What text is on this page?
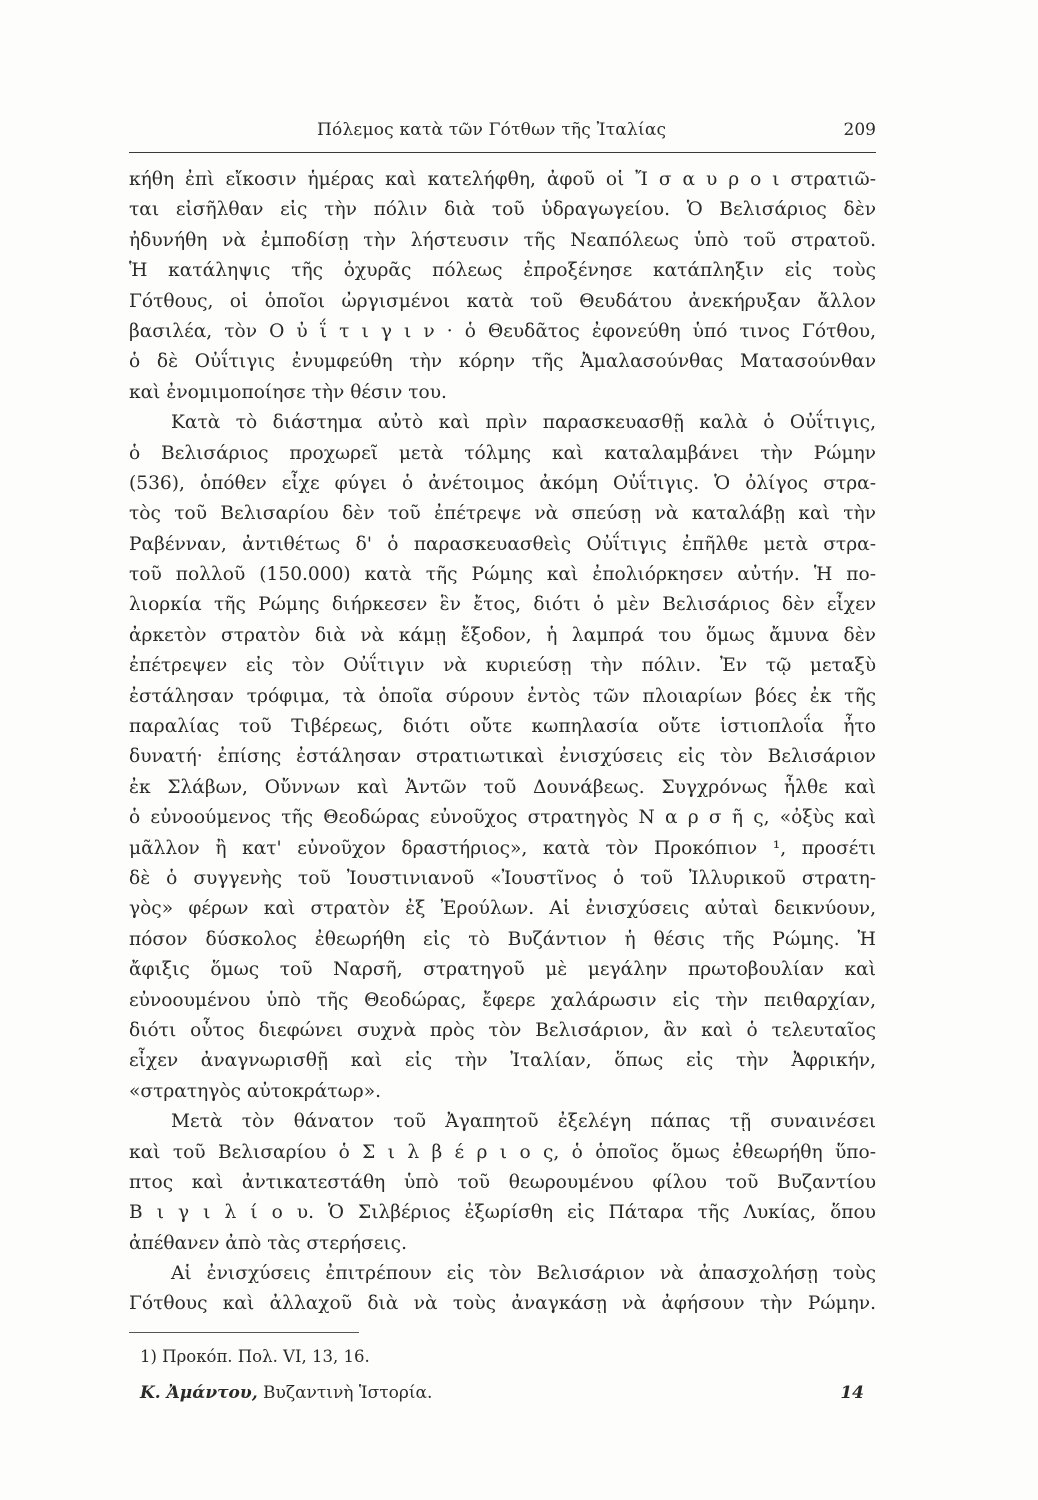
Πόλεμος κατὰ τῶν Γότθων τῆς Ἰταλίας	209
κήθη ἐπὶ εἴκοσιν ἡμέρας καὶ κατελήφθη, ἀφοῦ οἱ Ἴ σ α υ ρ ο ι στρατιῶ-
ται εἰσῆλθαν εἰς τὴν πόλιν διὰ τοῦ ὑδραγωγείου. Ὁ Βελισάριος δὲν
ἠδυνήθη νὰ ἐμποδίσῃ τὴν λήστευσιν τῆς Νεαπόλεως ὑπὸ τοῦ στρατοῦ.
Ἡ κατάληψις τῆς ὀχυρᾶς πόλεως ἐπροξένησε κατάπληξιν εἰς τοὺς
Γότθους, οἱ ὁποῖοι ὠργισμένοι κατὰ τοῦ Θευδάτου ἀνεκήρυξαν ἄλλον
βασιλέα, τὸν Ο ὐ ΐ τ ι γ ι ν · ὁ Θευδᾶτος ἐφονεύθη ὑπό τινος Γότθου,
ὁ δὲ Οὐΐτιγις ἐνυμφεύθη τὴν κόρην τῆς Ἀμαλασούνθας Ματασούνθαν
καὶ ἐνομιμοποίησε τὴν θέσιν του.
Κατὰ τὸ διάστημα αὐτὸ καὶ πρὶν παρασκευασθῇ καλὰ ὁ Οὐΐτιγις,
ὁ Βελισάριος προχωρεῖ μετὰ τόλμης καὶ καταλαμβάνει τὴν Ρώμην
(536), ὁπόθεν εἶχε φύγει ὁ ἀνέτοιμος ἀκόμη Οὐΐτιγις. Ὁ ὀλίγος στρα-
τὸς τοῦ Βελισαρίου δὲν τοῦ ἐπέτρεψε νὰ σπεύσῃ νὰ καταλάβῃ καὶ τὴν
Ραβένναν, ἀντιθέτως δ' ὁ παρασκευασθεὶς Οὐΐτιγις ἐπῆλθε μετὰ στρα-
τοῦ πολλοῦ (150.000) κατὰ τῆς Ρώμης καὶ ἐπολιόρκησεν αὐτήν. Ἡ πο-
λιορκία τῆς Ρώμης διήρκεσεν ἓν ἔτος, διότι ὁ μὲν Βελισάριος δὲν εἶχεν
ἀρκετὸν στρατὸν διὰ νὰ κάμῃ ἔξοδον, ἡ λαμπρά του ὅμως ἄμυνα δὲν
ἐπέτρεψεν εἰς τὸν Οὐΐτιγιν νὰ κυριεύσῃ τὴν πόλιν. Ἐν τῷ μεταξὺ
ἐστάλησαν τρόφιμα, τὰ ὁποῖα σύρουν ἐντὸς τῶν πλοιαρίων βόες ἐκ τῆς
παραλίας τοῦ Τιβέρεως, διότι οὔτε κωπηλασία οὔτε ἱστιοπλοΐα ἦτο
δυνατή· ἐπίσης ἐστάλησαν στρατιωτικαὶ ἐνισχύσεις εἰς τὸν Βελισάριον
ἐκ Σλάβων, Οὔννων καὶ Ἀντῶν τοῦ Δουνάβεως. Συγχρόνως ἦλθε καὶ
ὁ εὐνοούμενος τῆς Θεοδώρας εὐνοῦχος στρατηγὸς Ν α ρ σ ῆ ς, «ὀξὺς καὶ
μᾶλλον ἢ κατ' εὐνοῦχον δραστήριος», κατὰ τὸν Προκόπιον ¹, προσέτι
δὲ ὁ συγγενὴς τοῦ Ἰουστινιανοῦ «Ἰουστῖνος ὁ τοῦ Ἰλλυρικοῦ στρατη-
γὸς» φέρων καὶ στρατὸν ἐξ Ἐρούλων. Αἱ ἐνισχύσεις αὐταὶ δεικνύουν,
πόσον δύσκολος ἐθεωρήθη εἰς τὸ Βυζάντιον ἡ θέσις τῆς Ρώμης. Ἡ
ἄφιξις ὅμως τοῦ Ναρσῆ, στρατηγοῦ μὲ μεγάλην πρωτοβουλίαν καὶ
εὐνοουμένου ὑπὸ τῆς Θεοδώρας, ἔφερε χαλάρωσιν εἰς τὴν πειθαρχίαν,
διότι οὗτος διεφώνει συχνὰ πρὸς τὸν Βελισάριον, ἂν καὶ ὁ τελευταῖος
εἶχεν ἀναγνωρισθῇ καὶ εἰς τὴν Ἰταλίαν, ὅπως εἰς τὴν Ἀφρικήν,
«στρατηγὸς αὐτοκράτωρ».
Μετὰ τὸν θάνατον τοῦ Ἀγαπητοῦ ἐξελέγη πάπας τῇ συναινέσει
καὶ τοῦ Βελισαρίου ὁ Σ ι λ β έ ρ ι ο ς, ὁ ὁποῖος ὅμως ἐθεωρήθη ὕπο-
πτος καὶ ἀντικατεστάθη ὑπὸ τοῦ θεωρουμένου φίλου τοῦ Βυζαντίου
Β ι γ ι λ ί ο υ. Ὁ Σιλβέριος ἐξωρίσθη εἰς Πάταρα τῆς Λυκίας, ὅπου
ἀπέθανεν ἀπὸ τὰς στερήσεις.
Αἱ ἐνισχύσεις ἐπιτρέπουν εἰς τὸν Βελισάριον νὰ ἀπασχολήσῃ τοὺς
Γότθους καὶ ἀλλαχοῦ διὰ νὰ τοὺς ἀναγκάσῃ νὰ ἀφήσουν τὴν Ρώμην.
1) Προκόπ. Πολ. VI, 13, 16.
Κ. Ἀμάντου, Βυζαντινὴ Ἱστορία.	14
